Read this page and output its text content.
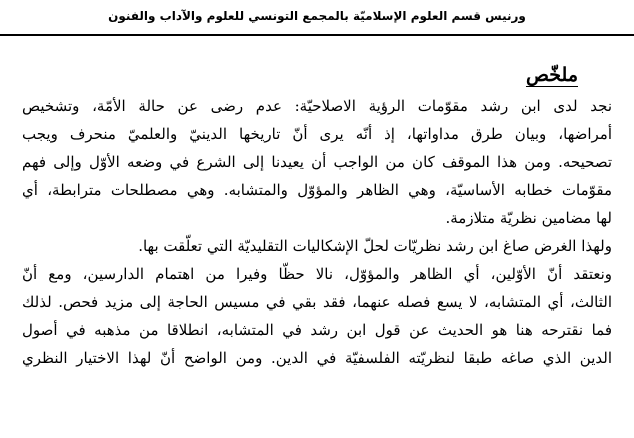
ورنيس قسم العلوم الإسلاميّة بالمجمع التونسي للعلوم والآداب والفنون
ملخّص
نجد لدى ابن رشد مقوّمات الرؤية الاصلاحيّة: عدم رضى عن حالة الأمّة، وتشخيص
أمراضها، وبيان طرق مداواتها، إذ أنّه يرى أنّ تاريخها الدينيّ والعلميّ منحرف ويجب
تصحيحه. ومن هذا الموقف كان من الواجب أن يعيدنا إلى الشرع في وضعه الأوّل وإلى فهم
مقوّمات خطابه الأساسيّة، وهي الظاهر والمؤوّل والمتشابه. وهي مصطلحات مترابطة، أي
لها مضامين نظريّة متلازمة.
ولهذا الغرض صاغ ابن رشد نظريّات لحلّ الإشكاليات التقليديّة التي تعلّقت بها.
ونعتقد أنّ الأوّلين، أي الظاهر والمؤوّل، نالا حظّا وفيرا من اهتمام الدارسين، ومع أنّ
الثالث، أي المتشابه، لا يسع فصله عنهما، فقد بقي في مسيس الحاجة إلى مزيد فحص. لذلك
فما نقترحه هنا هو الحديث عن قول ابن رشد في المتشابه، انطلاقا من مذهبه في أصول
الدين الذي صاغه طبقا لنظريّته الفلسفيّة في الدين. ومن الواضح أنّ لهذا الاختيار النظري
